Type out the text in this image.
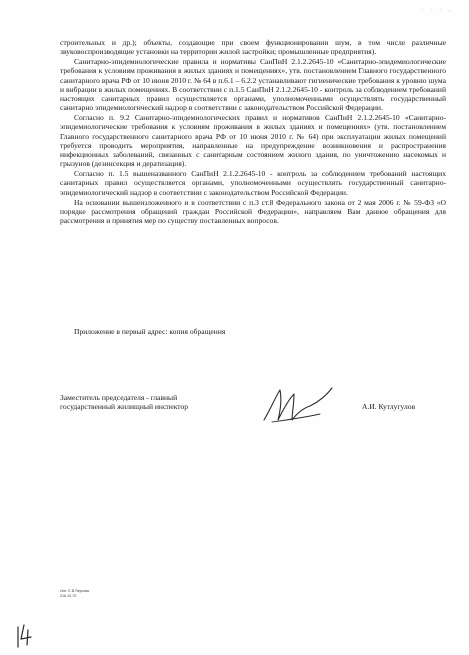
· · · ,

строительных и др.); объекты, создающие при своем функционировании шум, в том числе различные звуковоспроизводящие установки на территории жилой застройки; промышленные предприятия).

Санитарно-эпидемиологические правила и нормативы СанПиН 2.1.2.2645-10 «Санитарно-эпидемиологические требования к условиям проживания в жилых зданиях и помещениях», утв. постановлением Главного государственного санитарного врача РФ от 10 июня 2010 г. № 64 в п.6.1 – 6.2.2 устанавливают гигиенические требования к уровню шума и вибрации в жилых помещениях. В соответствии с п.1.5 СанПиН 2.1.2.2645-10 - контроль за соблюдением требований настоящих санитарных правил осуществляется органами, уполномоченными осуществлять государственный санитарно эпидемиологический надзор в соответствии с законодательством Российской Федерации.

Согласно п. 9.2 Санитарно-эпидемиологических правил и нормативов СанПиН 2.1.2.2645-10 «Санитарно-эпидемиологические требования к условиям проживания в жилых зданиях и помещениях» (утв. постановлением Главного государственного санитарного врача РФ от 10 июня 2010 г. № 64) при эксплуатации жилых помещений требуется проводить мероприятия, направленные на предупреждение возникновения и распространения инфекционных заболеваний, связанных с санитарным состоянием жилого здания, по уничтожению насекомых и грызунов (дезинсекция и дератизация).

Согласно п. 1.5 вышеназванного СанПиН 2.1.2.2645-10 - контроль за соблюдением требований настоящих санитарных правил осуществляется органами, уполномоченными осуществлять государственный санитарно-эпидемиологический надзор в соответствии с законодательством Российской Федерации.

На основании вышеизложенного и в соответствии с п.3 ст.8 Федерального закона от 2 мая 2006 г. № 59-ФЗ «О порядке рассмотрения обращений граждан Российской Федерации», направляем Вам данное обращения для рассмотрения и принятия мер по существу поставленных вопросов.

Приложение в первый адрес: копия обращения
Заместитель председателя - главный
государственный жилищный инспектор	А.И. Кутлугулов
Исп. Е.В.Якупова
218-10-70
